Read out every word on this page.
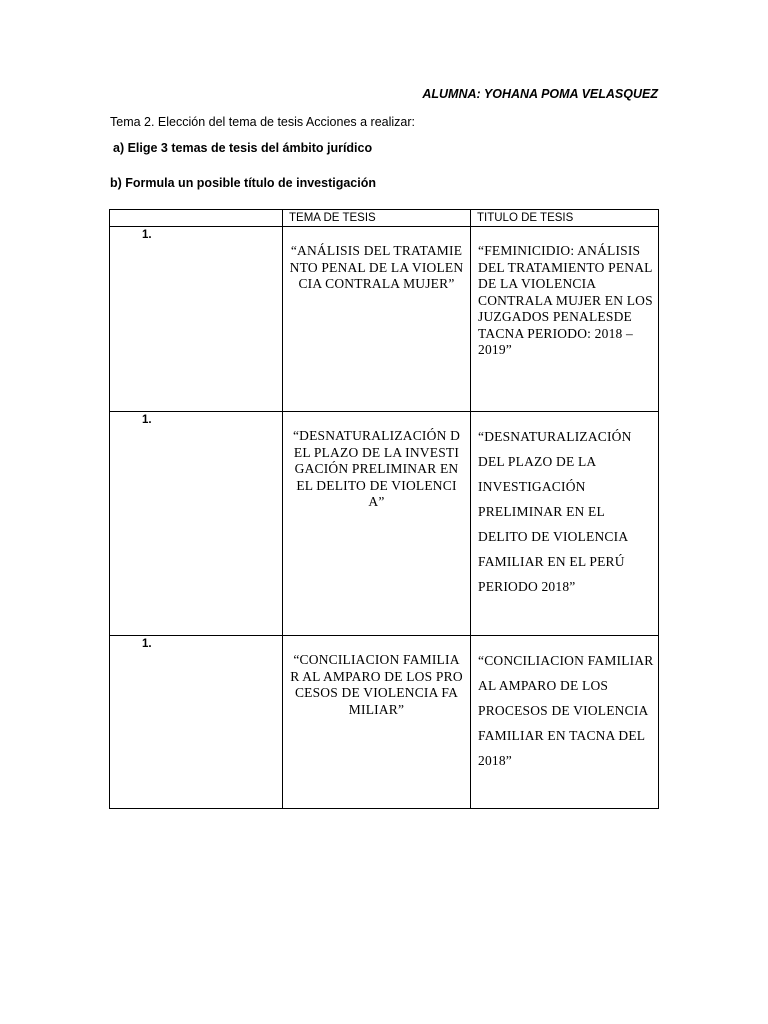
ALUMNA: YOHANA POMA VELASQUEZ
Tema 2. Elección del tema de tesis Acciones a realizar:
a) Elige 3 temas de tesis del ámbito jurídico
b) Formula un posible título de investigación
	TEMA DE TESIS	TITULO DE TESIS

1.	“ANÁLISIS DEL TRATAMIENTO PENAL DE LA VIOLENCIA CONTRALA MUJER”	“FEMINICIDIO: ANÁLISIS DEL TRATAMIENTO PENAL DE LA VIOLENCIA CONTRALA MUJER EN LOS JUZGADOS PENALESDE TACNA PERIODO: 2018 – 2019”

1.	“DESNATURALIZACIÓN DEL PLAZO DE LA INVESTIGACIÓN PRELIMINAR EN EL DELITO DE VIOLENCIA”	“DESNATURALIZACIÓN DEL PLAZO DE LA INVESTIGACIÓN PRELIMINAR EN EL DELITO DE VIOLENCIA FAMILIAR EN EL PERÚ PERIODO 2018”

1.	“CONCILIACION FAMILIAR AL AMPARO DE LOS PROCESOS DE VIOLENCIA FAMILIAR”	“CONCILIACION FAMILIAR AL AMPARO DE LOS PROCESOS DE VIOLENCIA FAMILIAR EN TACNA DEL 2018”
